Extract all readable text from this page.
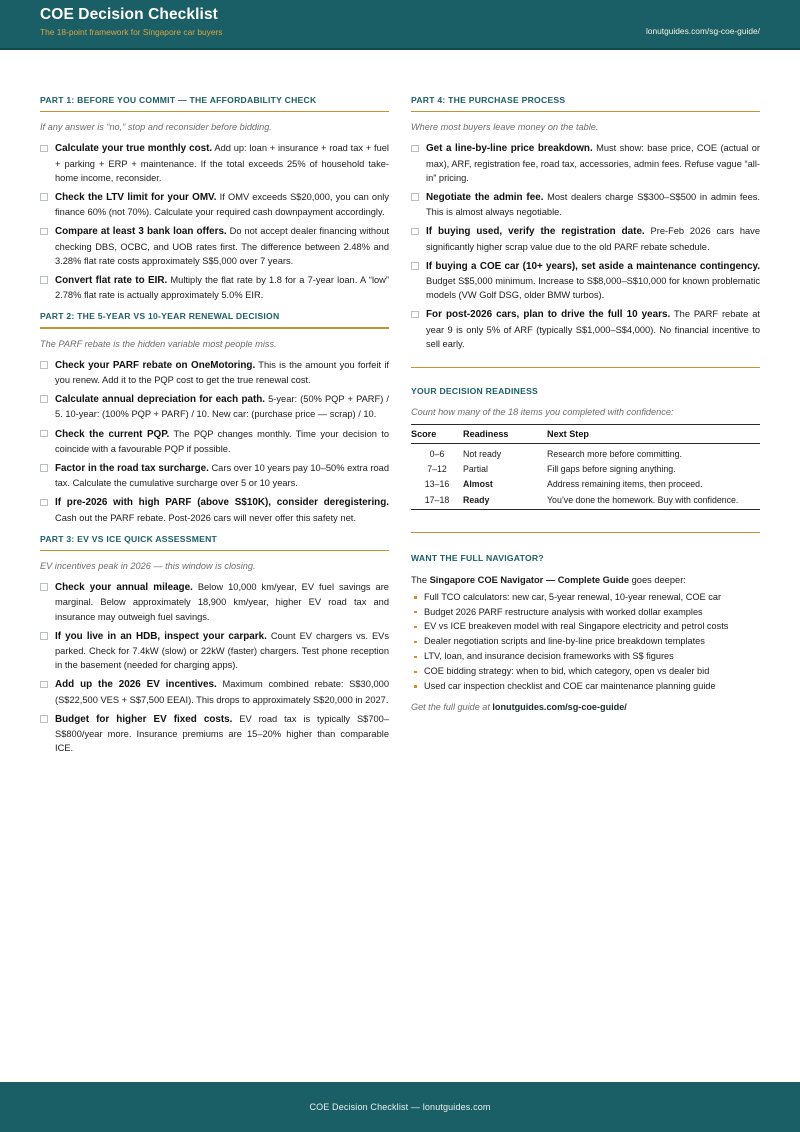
COE Decision Checklist
The 18-point framework for Singapore car buyers	lonutguides.com/sg-coe-guide/
PART 1: BEFORE YOU COMMIT — THE AFFORDABILITY CHECK
If any answer is “no,” stop and reconsider before bidding.
Calculate your true monthly cost. Add up: loan + insurance + road tax + fuel + parking + ERP + maintenance. If the total exceeds 25% of household take-home income, reconsider.
Check the LTV limit for your OMV. If OMV exceeds S$20,000, you can only finance 60% (not 70%). Calculate your required cash downpayment accordingly.
Compare at least 3 bank loan offers. Do not accept dealer financing without checking DBS, OCBC, and UOB rates first. The difference between 2.48% and 3.28% flat rate costs approximately S$5,000 over 7 years.
Convert flat rate to EIR. Multiply the flat rate by 1.8 for a 7-year loan. A “low” 2.78% flat rate is actually approximately 5.0% EIR.
PART 2: THE 5-YEAR VS 10-YEAR RENEWAL DECISION
The PARF rebate is the hidden variable most people miss.
Check your PARF rebate on OneMotoring. This is the amount you forfeit if you renew. Add it to the PQP cost to get the true renewal cost.
Calculate annual depreciation for each path. 5-year: (50% PQP + PARF) / 5. 10-year: (100% PQP + PARF) / 10. New car: (purchase price — scrap) / 10.
Check the current PQP. The PQP changes monthly. Time your decision to coincide with a favourable PQP if possible.
Factor in the road tax surcharge. Cars over 10 years pay 10–50% extra road tax. Calculate the cumulative surcharge over 5 or 10 years.
If pre-2026 with high PARF (above S$10K), consider deregistering. Cash out the PARF rebate. Post-2026 cars will never offer this safety net.
PART 3: EV VS ICE QUICK ASSESSMENT
EV incentives peak in 2026 — this window is closing.
Check your annual mileage. Below 10,000 km/year, EV fuel savings are marginal. Below approximately 18,900 km/year, higher EV road tax and insurance may outweigh fuel savings.
If you live in an HDB, inspect your carpark. Count EV chargers vs. EVs parked. Check for 7.4kW (slow) or 22kW (faster) chargers. Test phone reception in the basement (needed for charging apps).
Add up the 2026 EV incentives. Maximum combined rebate: S$30,000 (S$22,500 VES + S$7,500 EEAI). This drops to approximately S$20,000 in 2027.
Budget for higher EV fixed costs. EV road tax is typically S$700–S$800/year more. Insurance premiums are 15–20% higher than comparable ICE.
PART 4: THE PURCHASE PROCESS
Where most buyers leave money on the table.
Get a line-by-line price breakdown. Must show: base price, COE (actual or max), ARF, registration fee, road tax, accessories, admin fees. Refuse vague “all-in” pricing.
Negotiate the admin fee. Most dealers charge S$300–S$500 in admin fees. This is almost always negotiable.
If buying used, verify the registration date. Pre-Feb 2026 cars have significantly higher scrap value due to the old PARF rebate schedule.
If buying a COE car (10+ years), set aside a maintenance contingency. Budget S$5,000 minimum. Increase to S$8,000–S$10,000 for known problematic models (VW Golf DSG, older BMW turbos).
For post-2026 cars, plan to drive the full 10 years. The PARF rebate at year 9 is only 5% of ARF (typically S$1,000–S$4,000). No financial incentive to sell early.
YOUR DECISION READINESS
Count how many of the 18 items you completed with confidence:
Score	Readiness	Next Step
0–6	Not ready	Research more before committing.
7–12	Partial	Fill gaps before signing anything.
13–16	Almost	Address remaining items, then proceed.
17–18	Ready	You’ve done the homework. Buy with confidence.
WANT THE FULL NAVIGATOR?
The Singapore COE Navigator — Complete Guide goes deeper:
Full TCO calculators: new car, 5-year renewal, 10-year renewal, COE car
Budget 2026 PARF restructure analysis with worked dollar examples
EV vs ICE breakeven model with real Singapore electricity and petrol costs
Dealer negotiation scripts and line-by-line price breakdown templates
LTV, loan, and insurance decision frameworks with S$ figures
COE bidding strategy: when to bid, which category, open vs dealer bid
Used car inspection checklist and COE car maintenance planning guide
Get the full guide at lonutguides.com/sg-coe-guide/
COE Decision Checklist — lonutguides.com
